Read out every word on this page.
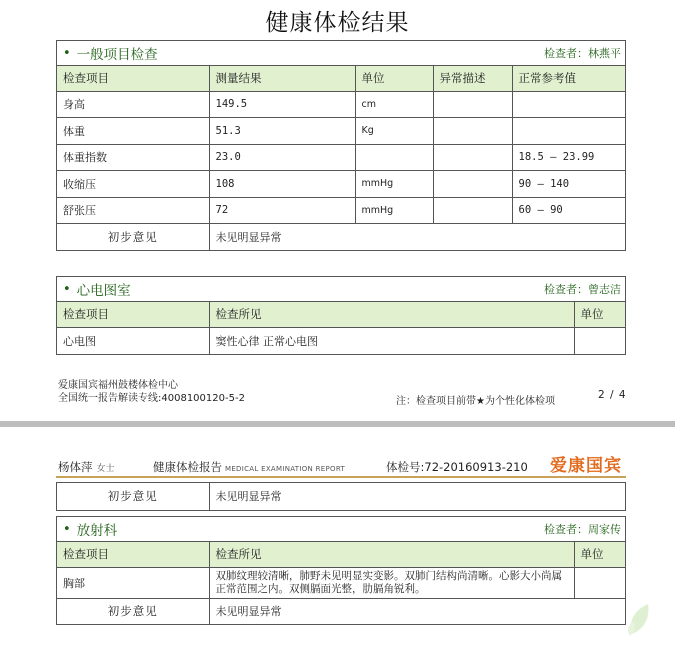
健康体检结果
• 一般项目检查	检查者：林燕平
检查项目	测量结果	单位	异常描述	正常参考值
身高	149.5	cm		
体重	51.3	Kg		
体重指数	23.0			18.5 — 23.99
收缩压	108	mmHg		90 — 140
舒张压	72	mmHg		60 — 90
初步意见	未见明显异常			
• 心电图室	检查者：曾志洁
检查项目	检查所见	单位
心电图	窦性心律 正常心电图	
爱康国宾福州鼓楼体检中心
全国统一报告解读专线:4008100120-5-2	注：检查项目前带★为个性化体检项
2 / 4
杨体萍 女士	健康体检报告 MEDICAL EXAMINATION REPORT	体检号:72-20160913-210 爱康国宾
初步意见	未见明显异常
• 放射科	检查者：周家传
检查项目	检查所见	单位
胸部	双肺纹理较清晰，肺野未见明显实变影。双肺门结构尚清晰。心影大小尚属正常范围之内。双侧膈面光整，肋膈角锐利。	
初步意见	未见明显异常	
